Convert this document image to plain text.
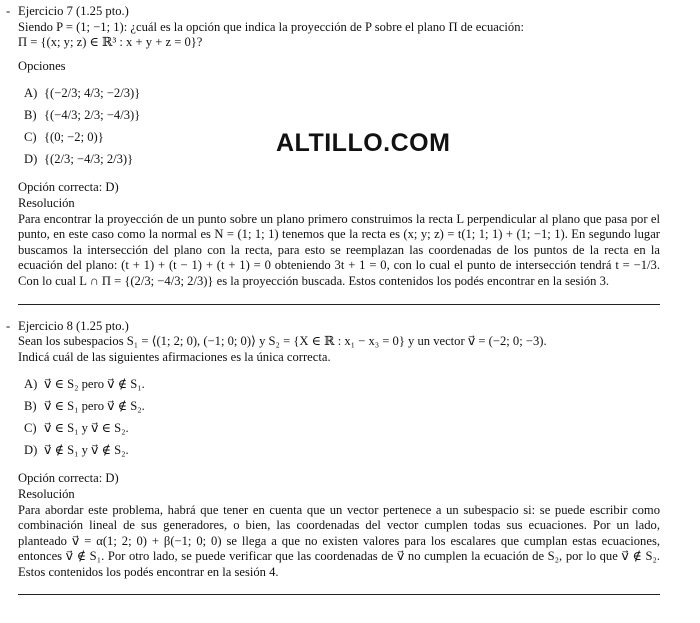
- Ejercicio 7 (1.25 pto.)
Siendo P = (1; −1; 1): ¿cuál es la opción que indica la proyección de P sobre el plano Π de ecuación:
Π = {(x; y; z) ∈ ℝ³ : x + y + z = 0}?
Opciones
A) {(−2/3; 4/3; −2/3)}
B) {(−4/3; 2/3; −4/3)}
C) {(0; −2; 0)}
D) {(2/3; −4/3; 2/3)}
Opción correcta: D)
Resolución
Para encontrar la proyección de un punto sobre un plano primero construimos la recta L perpendicular al plano que pasa por el punto, en este caso como la normal es N = (1; 1; 1) tenemos que la recta es (x; y; z) = t(1; 1; 1) + (1; −1; 1). En segundo lugar buscamos la intersección del plano con la recta, para esto se reemplazan las coordenadas de los puntos de la recta en la ecuación del plano: (t + 1) + (t − 1) + (t + 1) = 0 obteniendo 3t + 1 = 0, con lo cual el punto de intersección tendrá t = −1/3. Con lo cual L ∩ Π = {(2/3; −4/3; 2/3)} es la proyección buscada. Estos contenidos los podés encontrar en la sesión 3.
- Ejercicio 8 (1.25 pto.)
Sean los subespacios S₁ = ⟨(1; 2; 0), (−1; 0; 0)⟩ y S₂ = {X ∈ ℝ : x₁ − x₃ = 0} y un vector v⃗ = (−2; 0; −3).
Indicá cuál de las siguientes afirmaciones es la única correcta.
A) v⃗ ∈ S₂ pero v⃗ ∉ S₁.
B) v⃗ ∈ S₁ pero v⃗ ∉ S₂.
C) v⃗ ∈ S₁ y v⃗ ∈ S₂.
D) v⃗ ∉ S₁ y v⃗ ∉ S₂.
Opción correcta: D)
Resolución
Para abordar este problema, habrá que tener en cuenta que un vector pertenece a un subespacio si: se puede escribir como combinación lineal de sus generadores, o bien, las coordenadas del vector cumplen todas sus ecuaciones. Por un lado, planteado v⃗ = α(1; 2; 0) + β(−1; 0; 0) se llega a que no existen valores para los escalares que cumplan estas ecuaciones, entonces v⃗ ∉ S₁. Por otro lado, se puede verificar que las coordenadas de v⃗ no cumplen la ecuación de S₂, por lo que v⃗ ∉ S₂. Estos contenidos los podés encontrar en la sesión 4.
ALTILLO.COM
